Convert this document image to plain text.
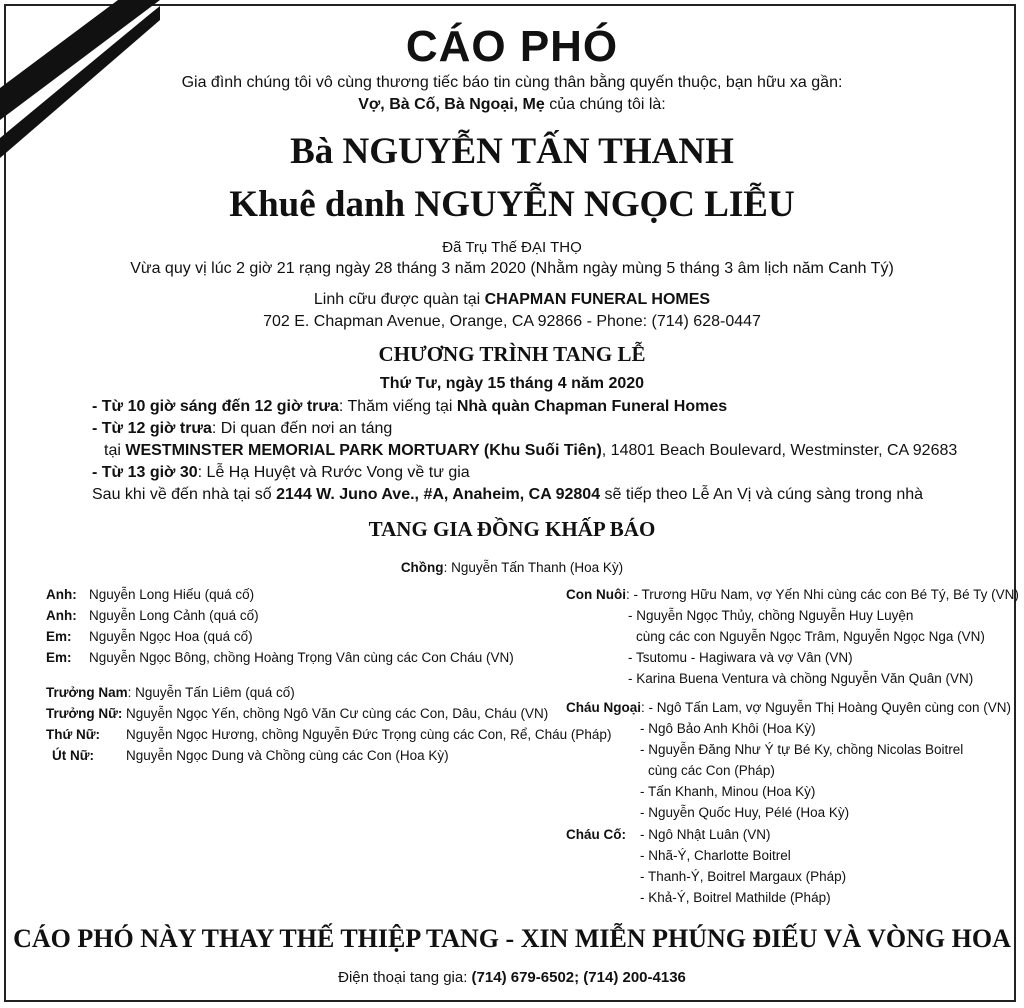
CÁO PHÓ
Gia đình chúng tôi vô cùng thương tiếc báo tin cùng thân bằng quyến thuộc, bạn hữu xa gần:
Vợ, Bà Cố, Bà Ngoại, Mẹ của chúng tôi là:
Bà NGUYỄN TẤN THANH
Khuê danh NGUYỄN NGỌC LIỄU
Đã Trụ Thế ĐẠI THỌ
Vừa quy vị lúc 2 giờ 21 rạng ngày 28 tháng 3 năm 2020 (Nhằm ngày mùng 5 tháng 3 âm lịch năm Canh Tý)
Linh cữu được quàn tại CHAPMAN FUNERAL HOMES
702 E. Chapman Avenue, Orange, CA 92866 - Phone: (714) 628-0447
CHƯƠNG TRÌNH TANG LỄ
Thứ Tư, ngày 15 tháng 4 năm 2020
- Từ 10 giờ sáng đến 12 giờ trưa: Thăm viếng tại Nhà quàn Chapman Funeral Homes
- Từ 12 giờ trưa: Di quan đến nơi an táng
tại WESTMINSTER MEMORIAL PARK MORTUARY (Khu Suối Tiên), 14801 Beach Boulevard, Westminster, CA 92683
- Từ 13 giờ 30: Lễ Hạ Huyệt và Rước Vong về tư gia
Sau khi về đến nhà tại số 2144 W. Juno Ave., #A, Anaheim, CA 92804 sẽ tiếp theo Lễ An Vị và cúng sàng trong nhà
TANG GIA ĐỒNG KHẤP BÁO
Chồng: Nguyễn Tấn Thanh (Hoa Kỳ)
Anh: Nguyễn Long Hiếu (quá cố)
Anh: Nguyễn Long Cảnh (quá cố)
Em: Nguyễn Ngọc Hoa (quá cố)
Em: Nguyễn Ngọc Bông, chồng Hoàng Trọng Vân cùng các Con Cháu (VN)
Trưởng Nam: Nguyễn Tấn Liêm (quá cố)
Trưởng Nữ: Nguyễn Ngọc Yến, chồng Ngô Văn Cư cùng các Con, Dâu, Cháu (VN)
Thứ Nữ: Nguyễn Ngọc Hương, chồng Nguyễn Đức Trọng cùng các Con, Rể, Cháu (Pháp)
Út Nữ: Nguyễn Ngọc Dung và Chồng cùng các Con (Hoa Kỳ)
Con Nuôi: - Trương Hữu Nam, vợ Yến Nhi cùng các con Bé Tý, Bé Ty (VN)
- Nguyễn Ngọc Thủy, chồng Nguyễn Huy Luyện
cùng các con Nguyễn Ngọc Trâm, Nguyễn Ngọc Nga (VN)
- Tsutomu - Hagiwara và vợ Vân (VN)
- Karina Buena Ventura và chồng Nguyễn Văn Quân (VN)
Cháu Ngoại: - Ngô Tấn Lam, vợ Nguyễn Thị Hoàng Quyên cùng con (VN)
- Ngô Bảo Anh Khôi (Hoa Kỳ)
- Nguyễn Đăng Như Ý tự Bé Ky, chồng Nicolas Boitrel
cùng các Con (Pháp)
- Tấn Khanh, Minou (Hoa Kỳ)
- Nguyễn Quốc Huy, Pélé (Hoa Kỳ)
Cháu Cố: - Ngô Nhật Luân (VN)
- Nhã-Ý, Charlotte Boitrel
- Thanh-Ý, Boitrel Margaux (Pháp)
- Khả-Ý, Boitrel Mathilde (Pháp)
CÁO PHÓ NÀY THAY THẾ THIỆP TANG - XIN MIỄN PHÚNG ĐIẾU VÀ VÒNG HOA
Điện thoại tang gia: (714) 679-6502; (714) 200-4136
